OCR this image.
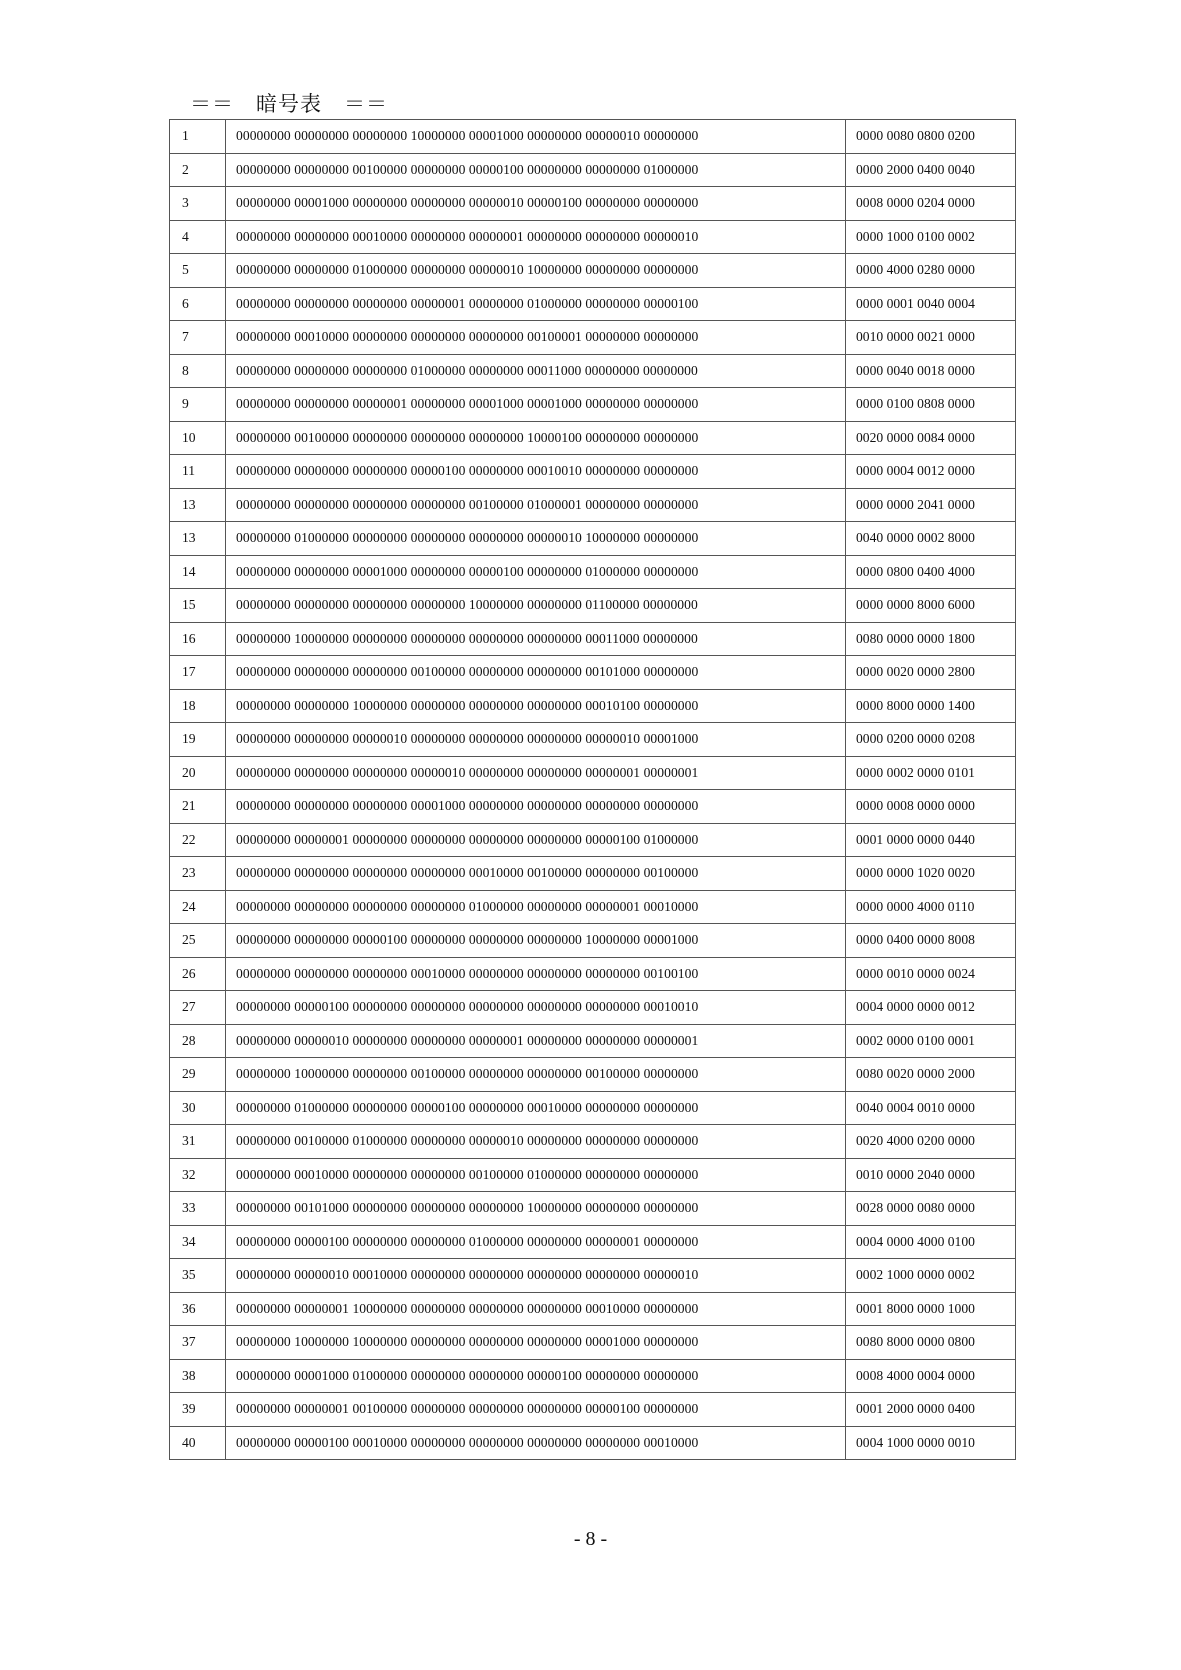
＝＝　暗号表　＝＝
1	00000000 00000000 00000000 10000000 00001000 00000000 00000010 00000000	0000 0080 0800 0200
2	00000000 00000000 00100000 00000000 00000100 00000000 00000000 01000000	0000 2000 0400 0040
3	00000000 00001000 00000000 00000000 00000010 00000100 00000000 00000000	0008 0000 0204 0000
4	00000000 00000000 00010000 00000000 00000001 00000000 00000000 00000010	0000 1000 0100 0002
5	00000000 00000000 01000000 00000000 00000010 10000000 00000000 00000000	0000 4000 0280 0000
6	00000000 00000000 00000000 00000001 00000000 01000000 00000000 00000100	0000 0001 0040 0004
7	00000000 00010000 00000000 00000000 00000000 00100001 00000000 00000000	0010 0000 0021 0000
8	00000000 00000000 00000000 01000000 00000000 00011000 00000000 00000000	0000 0040 0018 0000
9	00000000 00000000 00000001 00000000 00001000 00001000 00000000 00000000	0000 0100 0808 0000
10	00000000 00100000 00000000 00000000 00000000 10000100 00000000 00000000	0020 0000 0084 0000
11	00000000 00000000 00000000 00000100 00000000 00010010 00000000 00000000	0000 0004 0012 0000
13	00000000 00000000 00000000 00000000 00100000 01000001 00000000 00000000	0000 0000 2041 0000
13	00000000 01000000 00000000 00000000 00000000 00000010 10000000 00000000	0040 0000 0002 8000
14	00000000 00000000 00001000 00000000 00000100 00000000 01000000 00000000	0000 0800 0400 4000
15	00000000 00000000 00000000 00000000 10000000 00000000 01100000 00000000	0000 0000 8000 6000
16	00000000 10000000 00000000 00000000 00000000 00000000 00011000 00000000	0080 0000 0000 1800
17	00000000 00000000 00000000 00100000 00000000 00000000 00101000 00000000	0000 0020 0000 2800
18	00000000 00000000 10000000 00000000 00000000 00000000 00010100 00000000	0000 8000 0000 1400
19	00000000 00000000 00000010 00000000 00000000 00000000 00000010 00001000	0000 0200 0000 0208
20	00000000 00000000 00000000 00000010 00000000 00000000 00000001 00000001	0000 0002 0000 0101
21	00000000 00000000 00000000 00001000 00000000 00000000 00000000 00000000	0000 0008 0000 0000
22	00000000 00000001 00000000 00000000 00000000 00000000 00000100 01000000	0001 0000 0000 0440
23	00000000 00000000 00000000 00000000 00010000 00100000 00000000 00100000	0000 0000 1020 0020
24	00000000 00000000 00000000 00000000 01000000 00000000 00000001 00010000	0000 0000 4000 0110
25	00000000 00000000 00000100 00000000 00000000 00000000 10000000 00001000	0000 0400 0000 8008
26	00000000 00000000 00000000 00010000 00000000 00000000 00000000 00100100	0000 0010 0000 0024
27	00000000 00000100 00000000 00000000 00000000 00000000 00000000 00010010	0004 0000 0000 0012
28	00000000 00000010 00000000 00000000 00000001 00000000 00000000 00000001	0002 0000 0100 0001
29	00000000 10000000 00000000 00100000 00000000 00000000 00100000 00000000	0080 0020 0000 2000
30	00000000 01000000 00000000 00000100 00000000 00010000 00000000 00000000	0040 0004 0010 0000
31	00000000 00100000 01000000 00000000 00000010 00000000 00000000 00000000	0020 4000 0200 0000
32	00000000 00010000 00000000 00000000 00100000 01000000 00000000 00000000	0010 0000 2040 0000
33	00000000 00101000 00000000 00000000 00000000 10000000 00000000 00000000	0028 0000 0080 0000
34	00000000 00000100 00000000 00000000 01000000 00000000 00000001 00000000	0004 0000 4000 0100
35	00000000 00000010 00010000 00000000 00000000 00000000 00000000 00000010	0002 1000 0000 0002
36	00000000 00000001 10000000 00000000 00000000 00000000 00010000 00000000	0001 8000 0000 1000
37	00000000 10000000 10000000 00000000 00000000 00000000 00001000 00000000	0080 8000 0000 0800
38	00000000 00001000 01000000 00000000 00000000 00000100 00000000 00000000	0008 4000 0004 0000
39	00000000 00000001 00100000 00000000 00000000 00000000 00000100 00000000	0001 2000 0000 0400
40	00000000 00000100 00010000 00000000 00000000 00000000 00000000 00010000	0004 1000 0000 0010
- 8 -
